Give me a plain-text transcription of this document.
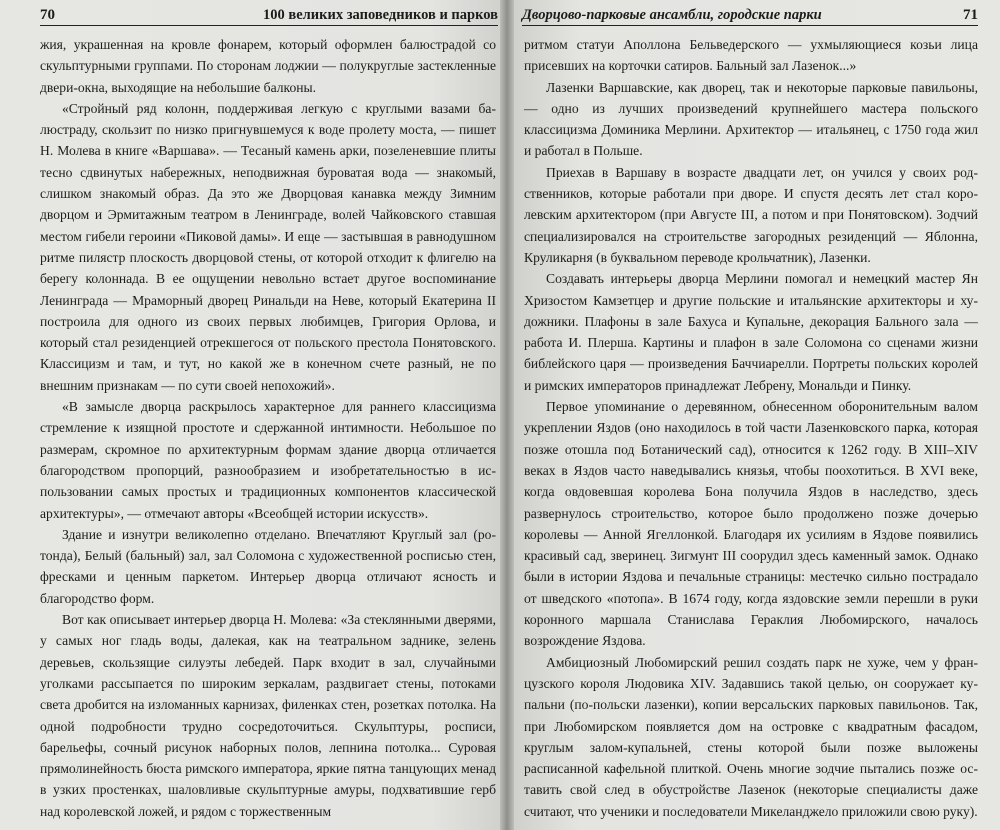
70	100 великих заповедников и парков

жия, украшенная на кровле фонарем, который оформлен балюстрадой со скульптурными группами. По сторонам лоджии — полукруглые застекленные двери-окна, выходящие на небольшие балконы.

«Стройный ряд колонн, поддерживая легкую с круглыми вазами балюстраду, скользит по низко пригнувшемуся к воде пролету моста, — пишет Н. Молева в книге «Варшава». — Тесаный камень арки, позеленевшие плиты тесно сдвинутых набережных, неподвижная буроватая вода — знакомый, слишком знакомый образ. Да это же Дворцовая канавка между Зимним дворцом и Эрмитажным театром в Ленинграде, волей Чайковского ставшая местом гибели героини «Пиковой дамы». И еще — застывшая в равнодушном ритме пилястр плоскость дворцовой стены, от которой отходит к флигелю на берегу колоннада. В ее ощущении невольно встает другое воспоминание Ленинграда — Мраморный дворец Ринальди на Неве, который Екатерина II построила для одного из своих первых любимцев, Григория Орлова, и который стал резиденцией отрекшегося от польского престола Понятовского. Классицизм и там, и тут, но какой же в конечном счете разный, не по внешним признакам — по сути своей непохожий».

«В замысле дворца раскрылось характерное для раннего классицизма стремление к изящной простоте и сдержанной интимности. Небольшое по размерам, скромное по архитектурным формам здание дворца отличается благородством пропорций, разнообразием и изобретательностью в использовании самых простых и традиционных компонентов классической архитектуры», — отмечают авторы «Всеобщей истории искусств».

Здание и изнутри великолепно отделано. Впечатляют Круглый зал (ротонда), Белый (бальный) зал, зал Соломона с художественной росписью стен, фресками и ценным паркетом. Интерьер дворца отличают ясность и благородство форм.

Вот как описывает интерьер дворца Н. Молева: «За стеклянными дверями, у самых ног гладь воды, далекая, как на театральном заднике, зелень деревьев, скользящие силуэты лебедей. Парк входит в зал, случайными уголками рассыпается по широким зеркалам, раздвигает стены, потоками света дробится на изломанных карнизах, филенках стен, розетках потолка. На одной подробности трудно сосредоточиться. Скульптуры, росписи, барельефы, сочный рисунок наборных полов, лепнина потолка... Суровая прямолинейность бюста римского императора, яркие пятна танцующих менад в узких простенках, шаловливые скульптурные амуры, подхватившие герб над королевской ложей, и рядом с торжественным

Дворцово-парковые ансамбли, городские парки	71

ритмом статуи Аполлона Бельведерского — ухмыляющиеся козьи лица присевших на корточки сатиров. Бальный зал Лазенок...»

Лазенки Варшавские, как дворец, так и некоторые парковые павильоны, — одно из лучших произведений крупнейшего мастера польского классицизма Доминика Мерлини. Архитектор — итальянец, с 1750 года жил и работал в Польше.

Приехав в Варшаву в возрасте двадцати лет, он учился у своих родственников, которые работали при дворе. И спустя десять лет стал королевским архитектором (при Августе III, а потом и при Понятовском). Зодчий специализировался на строительстве загородных резиденций — Яблонна, Круликарня (в буквальном переводе крольчатник), Лазенки.

Создавать интерьеры дворца Мерлини помогал и немецкий мастер Ян Хризостом Камзетцер и другие польские и итальянские архитекторы и художники. Плафоны в зале Бахуса и Купальне, декорация Бального зала — работа И. Плерша. Картины и плафон в зале Соломона со сценами жизни библейского царя — произведения Баччиарелли. Портреты польских королей и римских императоров принадлежат Лебрену, Мональди и Пинку.

Первое упоминание о деревянном, обнесенном оборонительным валом укреплении Яздов (оно находилось в той части Лазенковского парка, которая позже отошла под Ботанический сад), относится к 1262 году. В XIII–XIV веках в Яздов часто наведывались князья, чтобы поохотиться. В XVI веке, когда овдовевшая королева Бона получила Яздов в наследство, здесь развернулось строительство, которое было продолжено позже дочерью королевы — Анной Ягеллонкой. Благодаря их усилиям в Яздове появились красивый сад, зверинец. Зигмунт III соорудил здесь каменный замок. Однако были в истории Яздова и печальные страницы: местечко сильно пострадало от шведского «потопа». В 1674 году, когда яздовские земли перешли в руки коронного маршала Станислава Гераклия Любомирского, началось возрождение Яздова.

Амбициозный Любомирский решил создать парк не хуже, чем у французского короля Людовика XIV. Задавшись такой целью, он сооружает купальни (по-польски лазенки), копии версальских парковых павильонов. Так, при Любомирском появляется дом на островке с квадратным фасадом, круглым залом-купальней, стены которой были позже выложены расписанной кафельной плиткой. Очень многие зодчие пытались позже оставить свой след в обустройстве Лазенок (некоторые специалисты даже считают, что ученики и последователи Микеланджело приложили свою руку).
